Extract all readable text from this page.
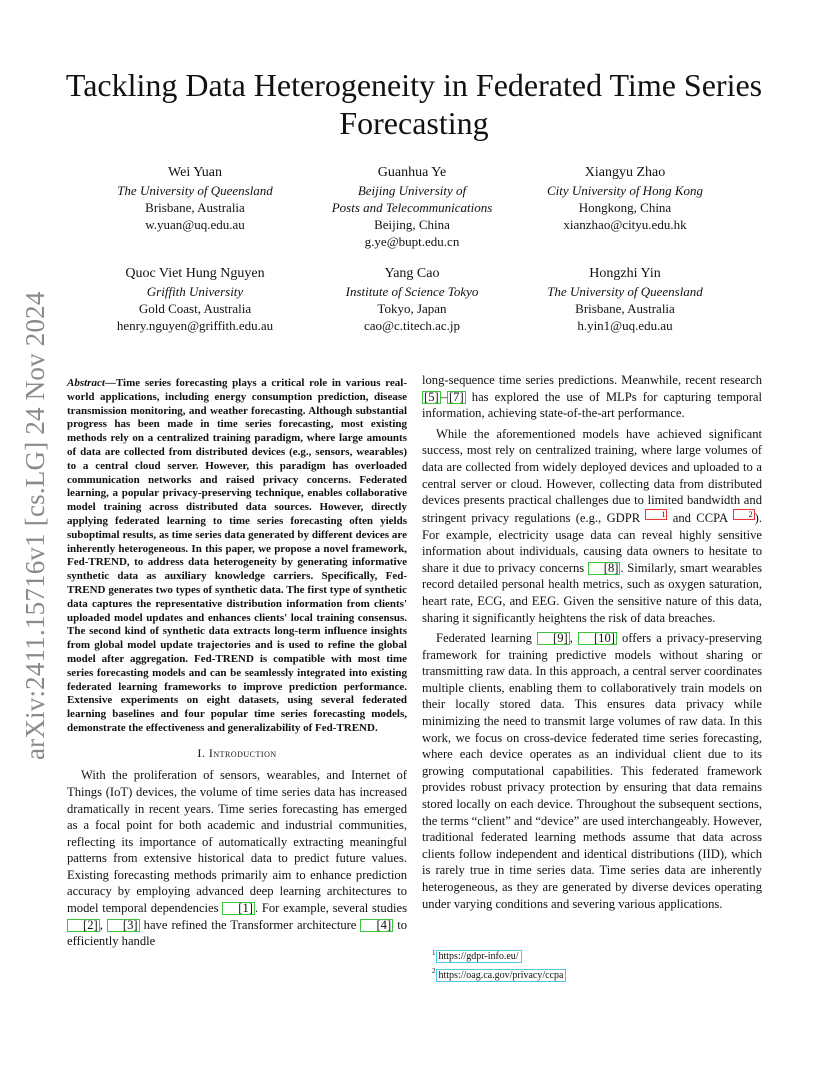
arXiv:2411.15716v1 [cs.LG] 24 Nov 2024
Tackling Data Heterogeneity in Federated Time Series Forecasting
Wei Yuan
The University of Queensland
Brisbane, Australia
w.yuan@uq.edu.au
Guanhua Ye
Beijing University of
Posts and Telecommunications
Beijing, China
g.ye@bupt.edu.cn
Xiangyu Zhao
City University of Hong Kong
Hongkong, China
xianzhao@cityu.edu.hk
Quoc Viet Hung Nguyen
Griffith University
Gold Coast, Australia
henry.nguyen@griffith.edu.au
Yang Cao
Institute of Science Tokyo
Tokyo, Japan
cao@c.titech.ac.jp
Hongzhi Yin
The University of Queensland
Brisbane, Australia
h.yin1@uq.edu.au

Abstract—Time series forecasting plays a critical role in various real-world applications, including energy consumption prediction, disease transmission monitoring, and weather forecasting. Although substantial progress has been made in time series forecasting, most existing methods rely on a centralized training paradigm, where large amounts of data are collected from distributed devices (e.g., sensors, wearables) to a central cloud server. However, this paradigm has overloaded communication networks and raised privacy concerns. Federated learning, a popular privacy-preserving technique, enables collaborative model training across distributed data sources. However, directly applying federated learning to time series forecasting often yields suboptimal results, as time series data generated by different devices are inherently heterogeneous. In this paper, we propose a novel framework, Fed-TREND, to address data heterogeneity by generating informative synthetic data as auxiliary knowledge carriers. Specifically, Fed-TREND generates two types of synthetic data. The first type of synthetic data captures the representative distribution information from clients' uploaded model updates and enhances clients' local training consensus. The second kind of synthetic data extracts long-term influence insights from global model update trajectories and is used to refine the global model after aggregation. Fed-TREND is compatible with most time series forecasting models and can be seamlessly integrated into existing federated learning frameworks to improve prediction performance. Extensive experiments on eight datasets, using several federated learning baselines and four popular time series forecasting models, demonstrate the effectiveness and generalizability of Fed-TREND.

I. Introduction

With the proliferation of sensors, wearables, and Internet of Things (IoT) devices, the volume of time series data has increased dramatically in recent years. Time series forecasting has emerged as a focal point for both academic and industrial communities, reflecting its importance of automatically extracting meaningful patterns from extensive historical data to predict future values. Existing forecasting methods primarily aim to enhance prediction accuracy by employing advanced deep learning architectures to model temporal dependencies [1] . For example, several studies [2] , [3] have refined the Transformer architecture [4] to efficiently handle

long-sequence time series predictions. Meanwhile, recent research [5] – [7] has explored the use of MLPs for capturing temporal information, achieving state-of-the-art performance.

While the aforementioned models have achieved significant success, most rely on centralized training, where large volumes of data are collected from widely deployed devices and uploaded to a central server or cloud. However, collecting data from distributed devices presents practical challenges due to limited bandwidth and stringent privacy regulations (e.g., GDPR 1 and CCPA 2 ). For example, electricity usage data can reveal highly sensitive information about individuals, causing data owners to hesitate to share it due to privacy concerns [8] . Similarly, smart wearables record detailed personal health metrics, such as oxygen saturation, heart rate, ECG, and EEG. Given the sensitive nature of this data, sharing it significantly heightens the risk of data breaches.

Federated learning [9] , [10] offers a privacy-preserving framework for training predictive models without sharing or transmitting raw data. In this approach, a central server coordinates multiple clients, enabling them to collaboratively train models on their locally stored data. This ensures data privacy while minimizing the need to transmit large volumes of raw data. In this work, we focus on cross-device federated time series forecasting, where each device operates as an individual client due to its growing computational capabilities. This federated framework provides robust privacy protection by ensuring that data remains stored locally on each device. Throughout the subsequent sections, the terms “client” and “device” are used interchangeably. However, traditional federated learning methods assume that data across clients follow independent and identical distributions (IID), which is rarely true in time series data. Time series data are inherently heterogeneous, as they are generated by diverse devices operating under varying conditions and severing various applications.

$^1$ https://gdpr-info.eu/
$^2$ https://oag.ca.gov/privacy/ccpa
